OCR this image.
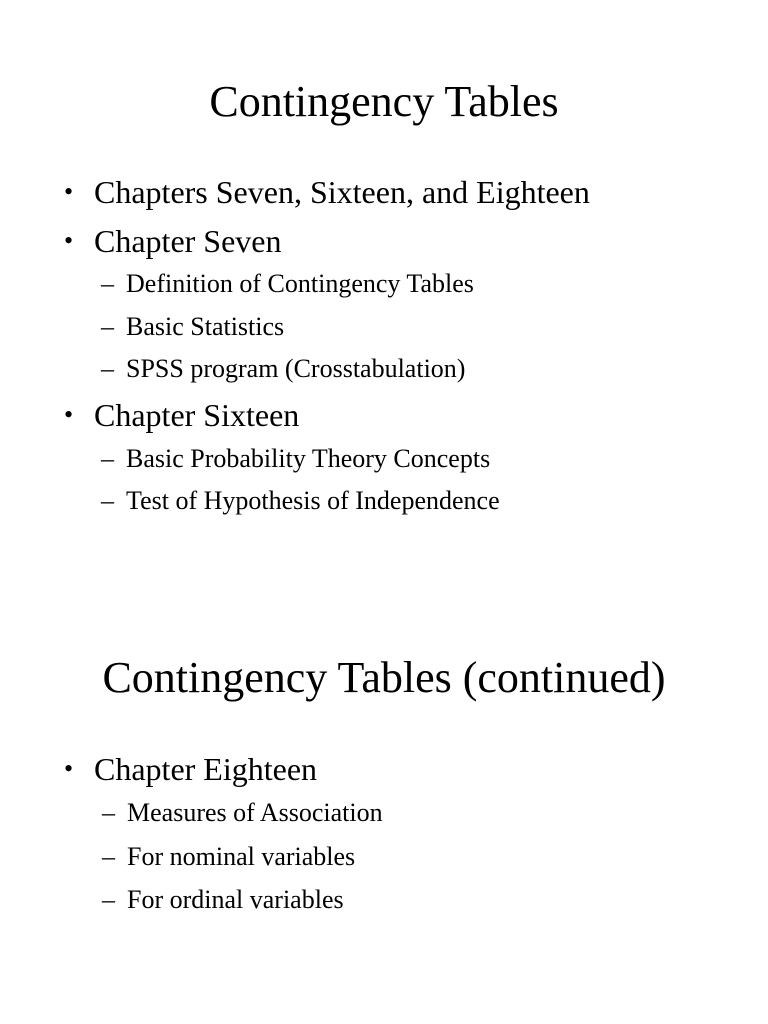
Contingency Tables
• Chapters Seven, Sixteen, and Eighteen
• Chapter Seven
– Definition of Contingency Tables
– Basic Statistics
– SPSS program (Crosstabulation)
• Chapter Sixteen
– Basic Probability Theory Concepts
– Test of Hypothesis of Independence
Contingency Tables (continued)
• Chapter Eighteen
– Measures of Association
– For nominal variables
– For ordinal variables
